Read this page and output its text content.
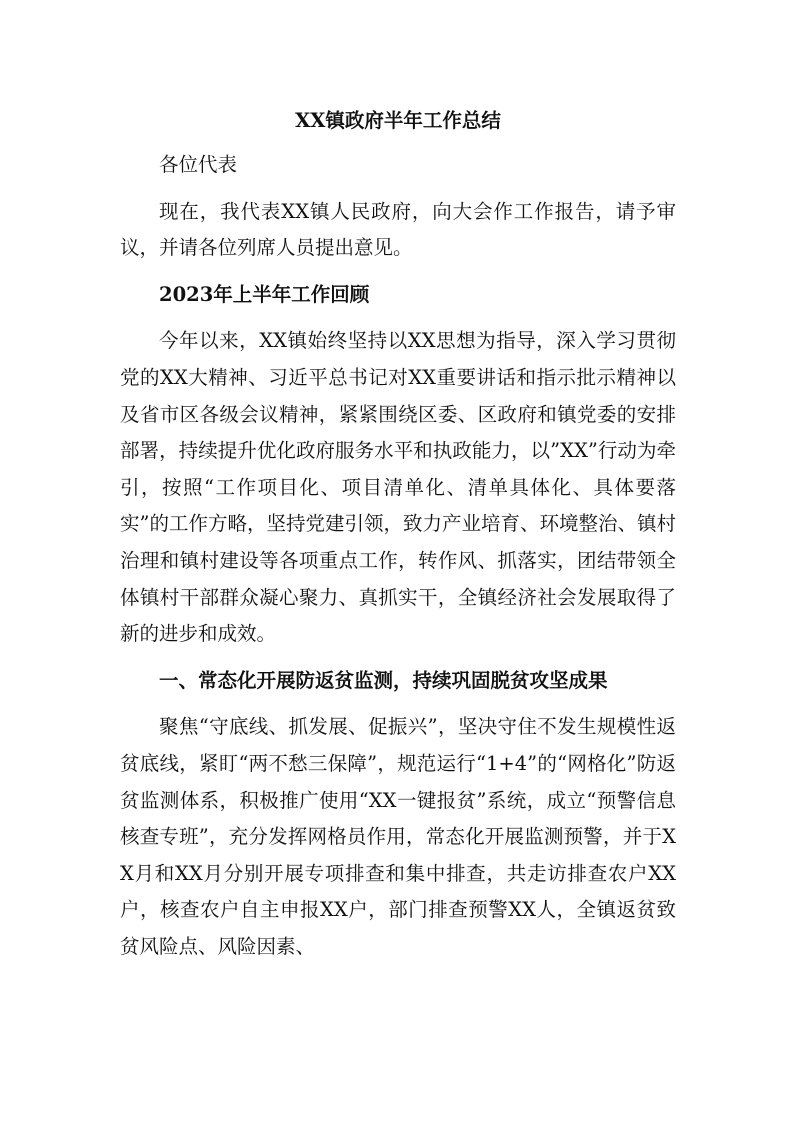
XX镇政府半年工作总结

各位代表

现在，我代表XX镇人民政府，向大会作工作报告，请予审议，并请各位列席人员提出意见。

2023年上半年工作回顾

今年以来，XX镇始终坚持以XX思想为指导，深入学习贯彻党的XX大精神、习近平总书记对XX重要讲话和指示批示精神以及省市区各级会议精神，紧紧围绕区委、区政府和镇党委的安排部署，持续提升优化政府服务水平和执政能力，以”XX”行动为牵引，按照“工作项目化、项目清单化、清单具体化、具体要落实”的工作方略，坚持党建引领，致力产业培育、环境整治、镇村治理和镇村建设等各项重点工作，转作风、抓落实，团结带领全体镇村干部群众凝心聚力、真抓实干，全镇经济社会发展取得了新的进步和成效。

一、常态化开展防返贫监测，持续巩固脱贫攻坚成果

聚焦“守底线、抓发展、促振兴”，坚决守住不发生规模性返贫底线，紧盯“两不愁三保障”，规范运行“1+4”的“网格化”防返贫监测体系，积极推广使用“XX一键报贫”系统，成立“预警信息核查专班”，充分发挥网格员作用，常态化开展监测预警，并于XX月和XX月分别开展专项排查和集中排查，共走访排查农户XX户，核查农户自主申报XX户，部门排查预警XX人，全镇返贫致贫风险点、风险因素、
